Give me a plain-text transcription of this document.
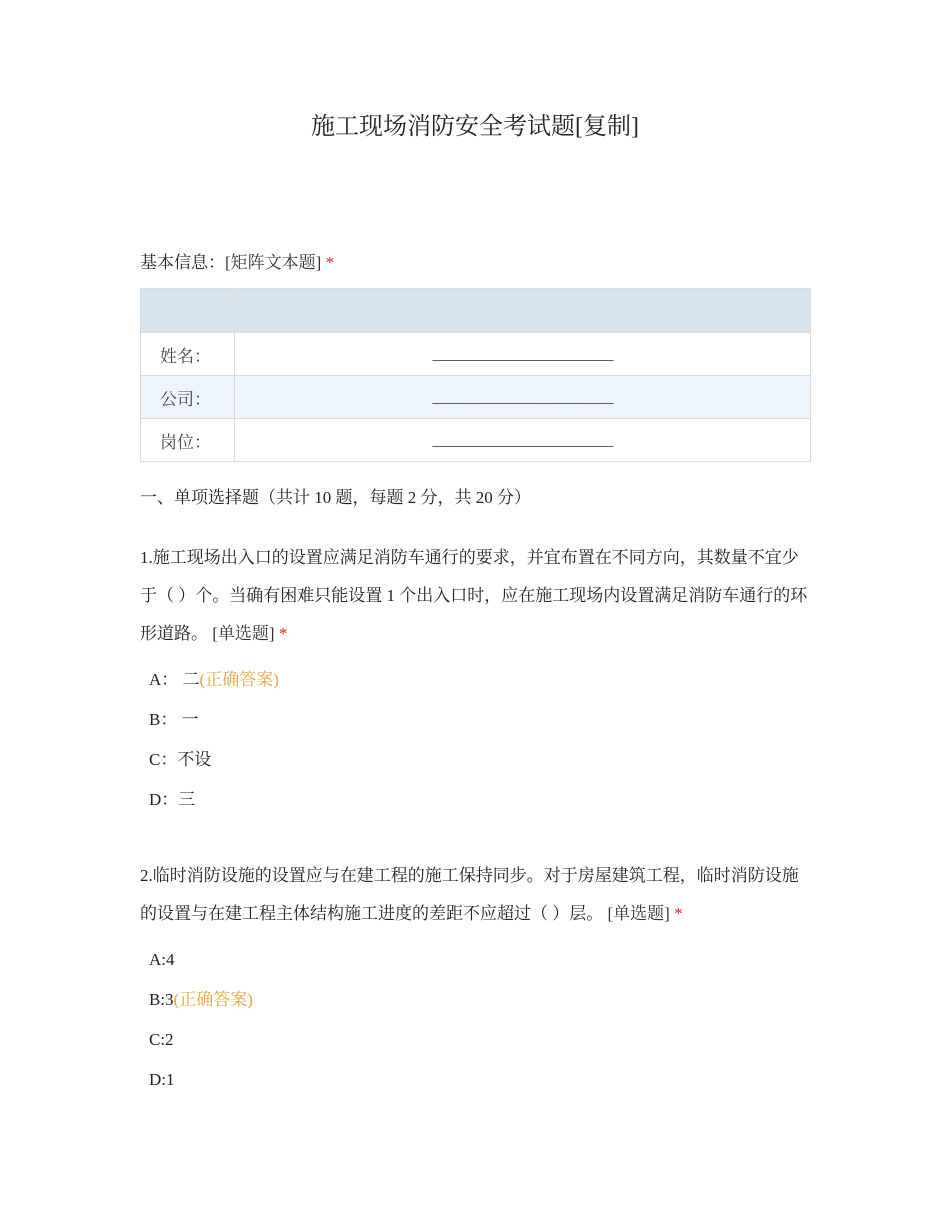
施工现场消防安全考试题[复制]
基本信息：[矩阵文本题] *

姓名：	________________________
公司：	________________________
岗位：	________________________
一、单项选择题（共计 10 题，每题 2 分，共 20 分）
1.施工现场出入口的设置应满足消防车通行的要求，并宜布置在不同方向，其数量不宜少于（ ）个。当确有困难只能设置 1 个出入口时，应在施工现场内设置满足消防车通行的环形道路。 [单选题] *
A： 二(正确答案)
B： 一
C：不设
D：三
2.临时消防设施的设置应与在建工程的施工保持同步。对于房屋建筑工程，临时消防设施的设置与在建工程主体结构施工进度的差距不应超过（ ）层。 [单选题] *
A:4
B:3(正确答案)
C:2
D:1
